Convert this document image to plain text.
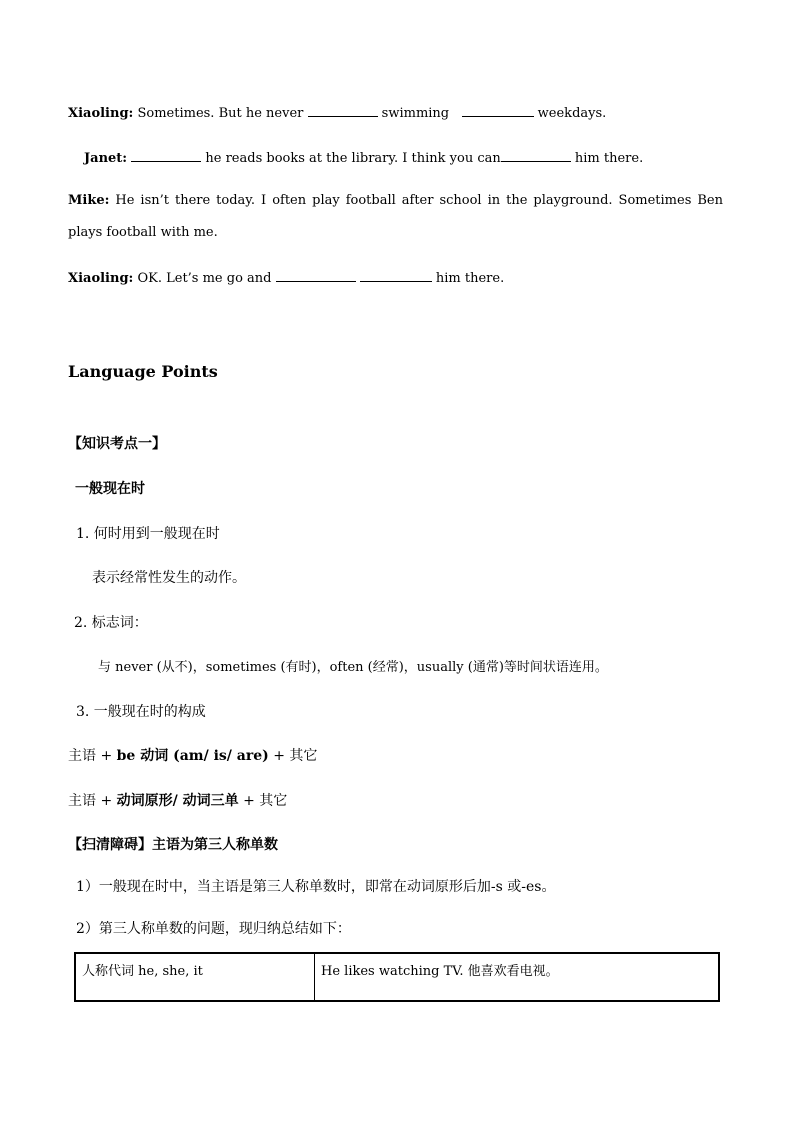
Xiaoling: Sometimes. But he never	swimming	weekdays.
Janet:	he reads books at the library. I think you can	him there.
Mike: He isn’t there today. I often play football after school in the playground. Sometimes Ben plays football with me.
Xiaoling: OK. Let’s me go and	him there.
Language Points
【知识考点一】
一般现在时
1. 何时用到一般现在时
表示经常性发生的动作。
2. 标志词：
与 never (从不)，sometimes (有时)，often (经常)，usually (通常)等时间状语连用。
3. 一般现在时的构成
主语 + be 动词 (am/ is/ are) + 其它
主语 + 动词原形/ 动词三单 + 其它
【扫清障碍】主语为第三人称单数
1）一般现在时中，当主语是第三人称单数时，即常在动词原形后加-s 或-es。
2）第三人称单数的问题，现归纳总结如下：
人称代词 he, she, it	He likes watching TV. 他喜欢看电视。
